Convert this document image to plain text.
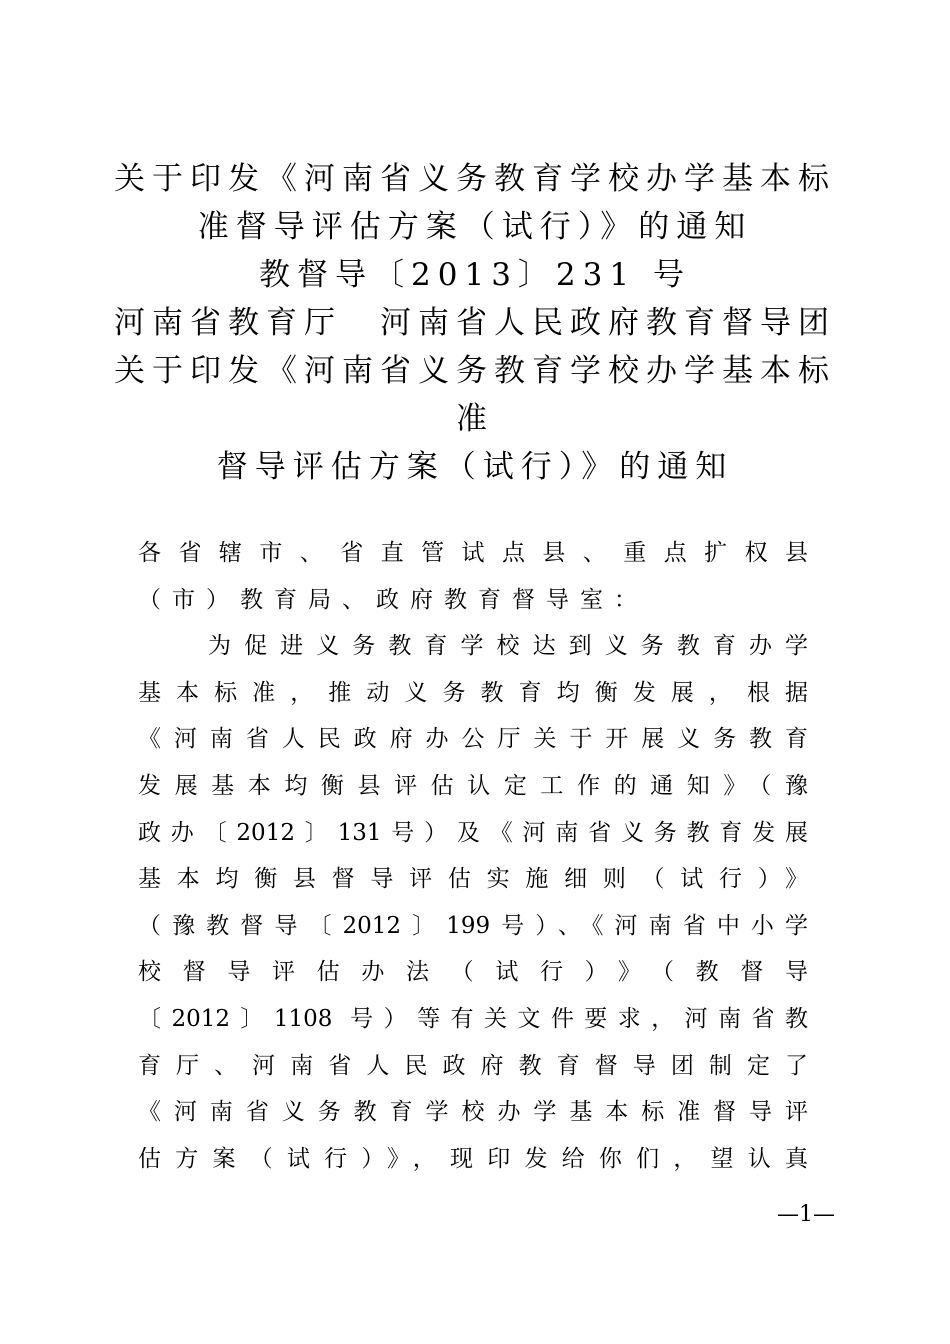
关于印发《河南省义务教育学校办学基本标
准督导评估方案（试行）》的通知
教督导〔2013〕231 号
河南省教育厅　河南省人民政府教育督导团
关于印发《河南省义务教育学校办学基本标
准
督导评估方案（试行）》的通知
各省辖市、省直管试点县、重点扩权县
（市）教育局、政府教育督导室：
为促进义务教育学校达到义务教育办学
基本标准，推动义务教育均衡发展，根据
《河南省人民政府办公厅关于开展义务教育
发展基本均衡县评估认定工作的通知》（豫
政办〔2012〕131号）及《河南省义务教育发展
基本均衡县督导评估实施细则（试行）》
（豫教督导〔2012〕199号）、《河南省中小学
校督导评估办法（试行）》（教督导
〔2012〕1108 号）等有关文件要求，河南省教
育厅、河南省人民政府教育督导团制定了
《河南省义务教育学校办学基本标准督导评
估方案（试行）》，现印发给你们，望认真
—1—
